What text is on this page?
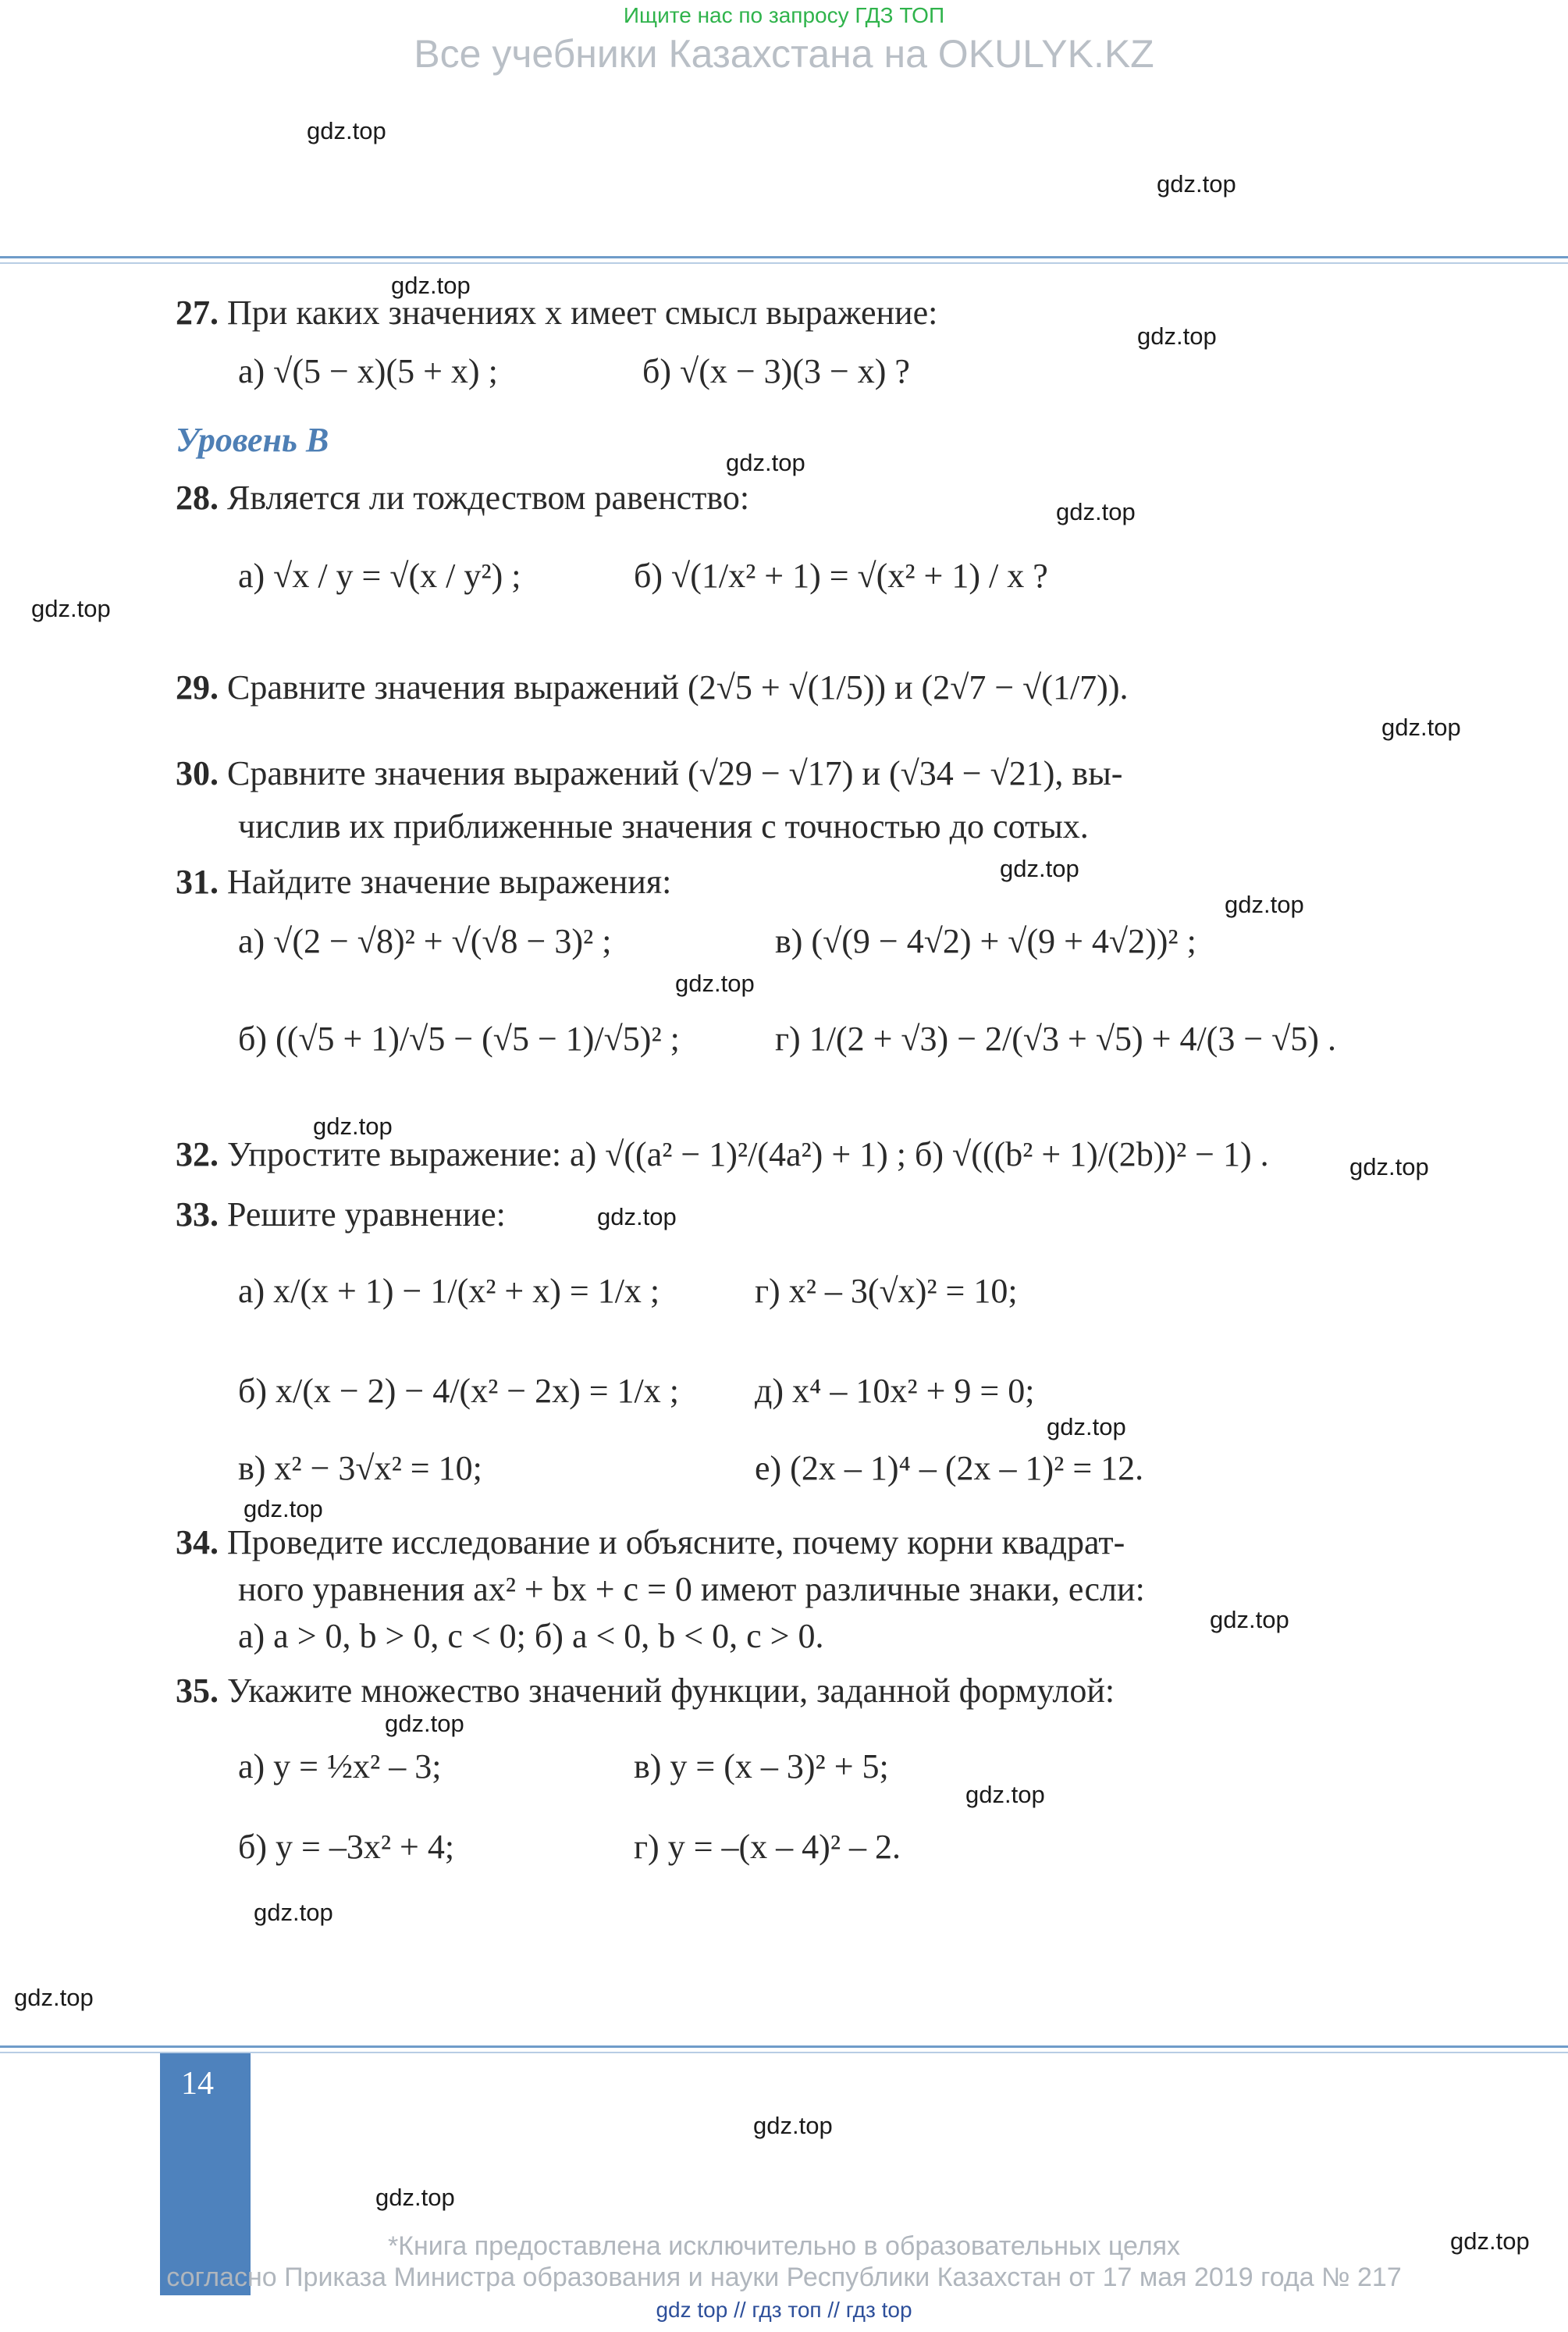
Ищите нас по запросу ГДЗ ТОП
Все учебники Казахстана на OKULYK.KZ
gdz.top
gdz.top
gdz.top
gdz.top
gdz.top
gdz.top
gdz.top
gdz.top
gdz.top
gdz.top
gdz.top
gdz.top
gdz.top
gdz.top
gdz.top
gdz.top
gdz.top
gdz.top
gdz.top
gdz.top
gdz.top
gdz.top
gdz.top
gdz.top
27. При каких значениях x имеет смысл выражение:
а) √(5 − x)(5 + x) ;	б) √(x − 3)(3 − x) ?
Уровень B
28. Является ли тождеством равенство:
а) √x / y = √(x / y²) ;	б) √(1/x² + 1) = √(x² + 1) / x ?
29. Сравните значения выражений (2√5 + √(1/5)) и (2√7 − √(1/7)).
30. Сравните значения выражений (√29 − √17) и (√34 − √21), вы-
числив их приближенные значения с точностью до сотых.
31. Найдите значение выражения:
а) √(2 − √8)² + √(√8 − 3)² ;	в) (√(9 − 4√2) + √(9 + 4√2))² ;
б) ((√5 + 1)/√5 − (√5 − 1)/√5)² ;	г) 1/(2 + √3) − 2/(√3 + √5) + 4/(3 − √5) .
32. Упростите выражение: а) √((a² − 1)²/(4a²) + 1) ; б) √(((b² + 1)/(2b))² − 1) .
33. Решите уравнение:
а) x/(x + 1) − 1/(x² + x) = 1/x ;	г) x² – 3(√x)² = 10;
б) x/(x − 2) − 4/(x² − 2x) = 1/x ; д) x⁴ – 10x² + 9 = 0;
в) x² − 3√x² = 10;	е) (2x – 1)⁴ – (2x – 1)² = 12.
34. Проведите исследование и объясните, почему корни квадрат-
ного уравнения ax² + bx + c = 0 имеют различные знаки, если:
а) a > 0, b > 0, c < 0; б) a < 0, b < 0, c > 0.
35. Укажите множество значений функции, заданной формулой:
а) y = ½x² – 3;	в) y = (x – 3)² + 5;
б) y = –3x² + 4;	г) y = –(x – 4)² – 2.
14
*Книга предоставлена исключительно в образовательных целях
согласно Приказа Министра образования и науки Республики Казахстан от 17 мая 2019 года № 217
gdz top // гдз топ // гдз top
